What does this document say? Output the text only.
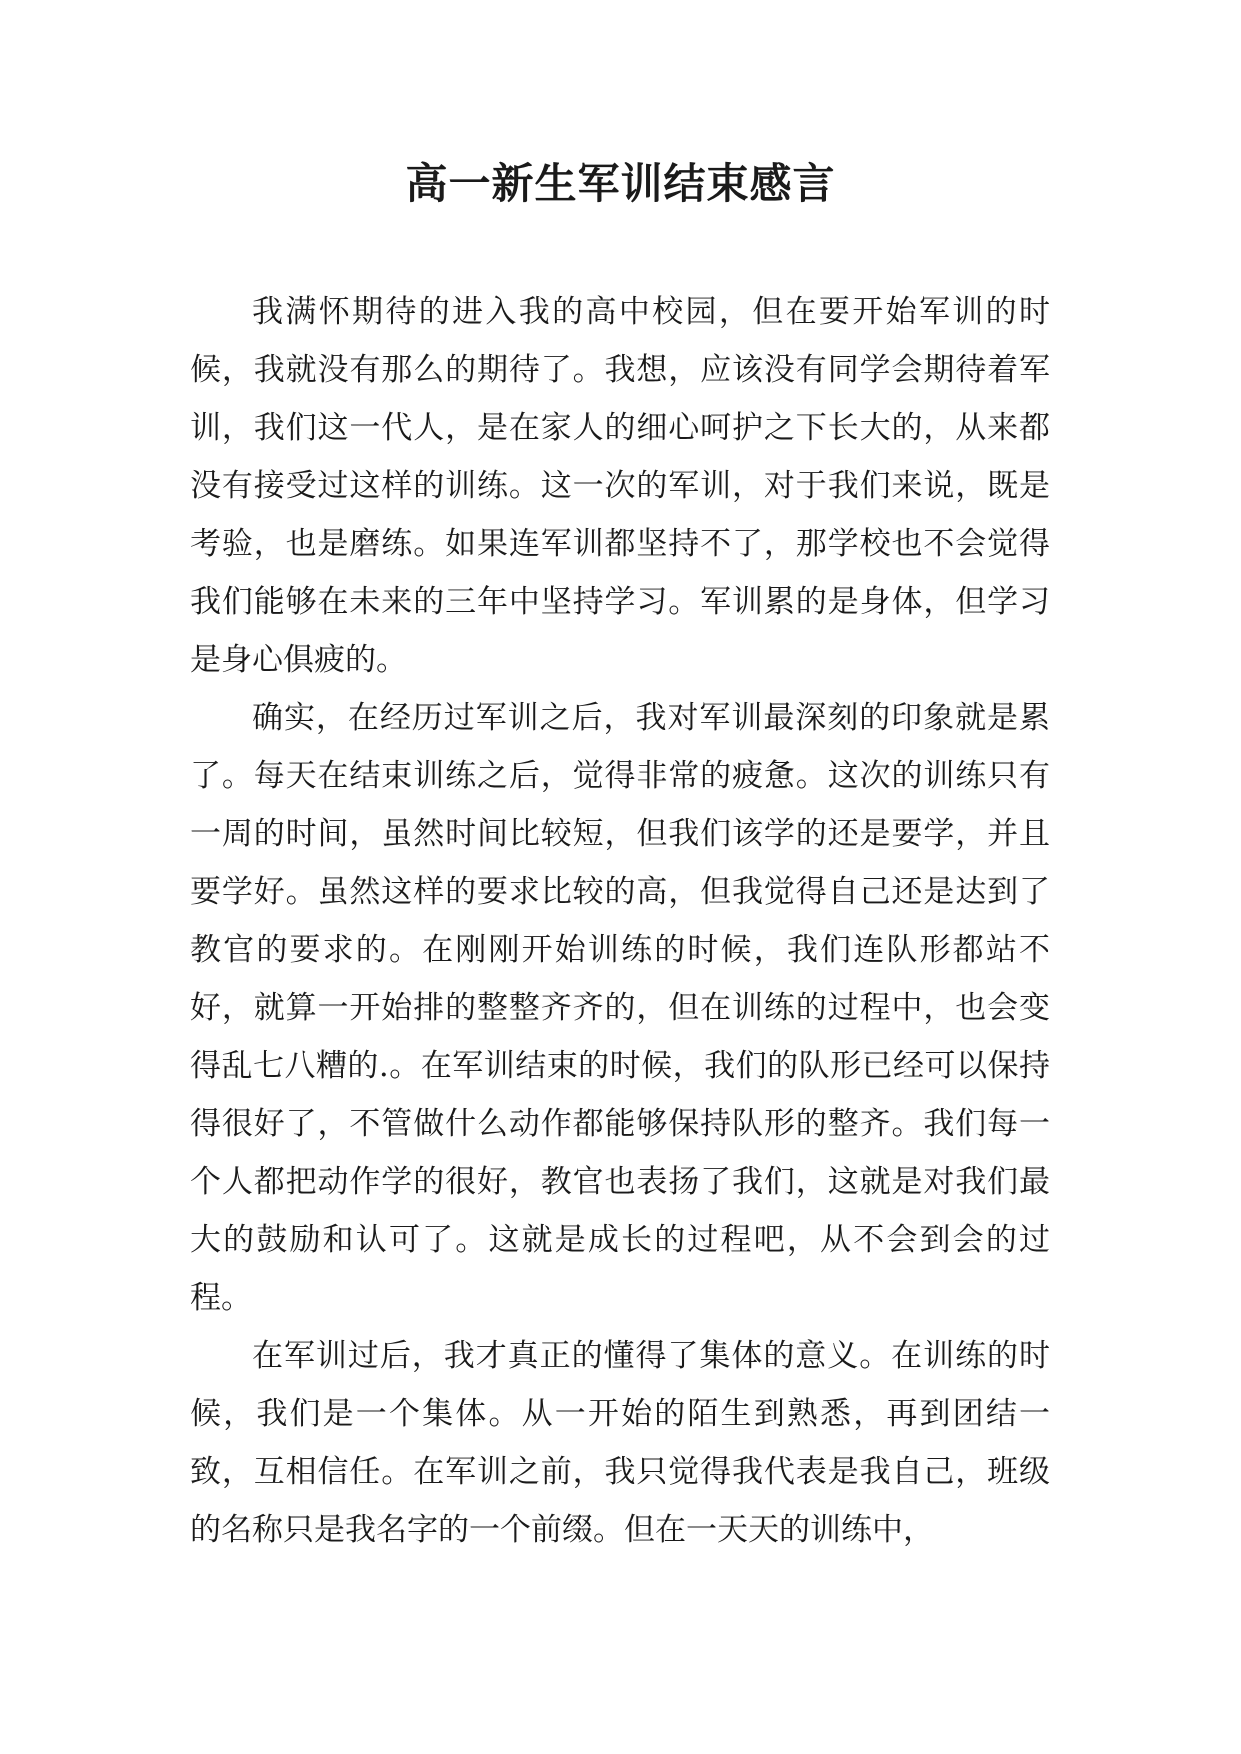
高一新生军训结束感言

我满怀期待的进入我的高中校园，但在要开始军训的时候，我就没有那么的期待了。我想，应该没有同学会期待着军训，我们这一代人，是在家人的细心呵护之下长大的，从来都没有接受过这样的训练。这一次的军训，对于我们来说，既是考验，也是磨练。如果连军训都坚持不了，那学校也不会觉得我们能够在未来的三年中坚持学习。军训累的是身体，但学习是身心俱疲的。

确实，在经历过军训之后，我对军训最深刻的印象就是累了。每天在结束训练之后，觉得非常的疲惫。这次的训练只有一周的时间，虽然时间比较短，但我们该学的还是要学，并且要学好。虽然这样的要求比较的高，但我觉得自己还是达到了教官的要求的。在刚刚开始训练的时候，我们连队形都站不好，就算一开始排的整整齐齐的，但在训练的过程中，也会变得乱七八糟的.。在军训结束的时候，我们的队形已经可以保持得很好了，不管做什么动作都能够保持队形的整齐。我们每一个人都把动作学的很好，教官也表扬了我们，这就是对我们最大的鼓励和认可了。这就是成长的过程吧，从不会到会的过程。

在军训过后，我才真正的懂得了集体的意义。在训练的时候，我们是一个集体。从一开始的陌生到熟悉，再到团结一致，互相信任。在军训之前，我只觉得我代表是我自己，班级的名称只是我名字的一个前缀。但在一天天的训练中，
